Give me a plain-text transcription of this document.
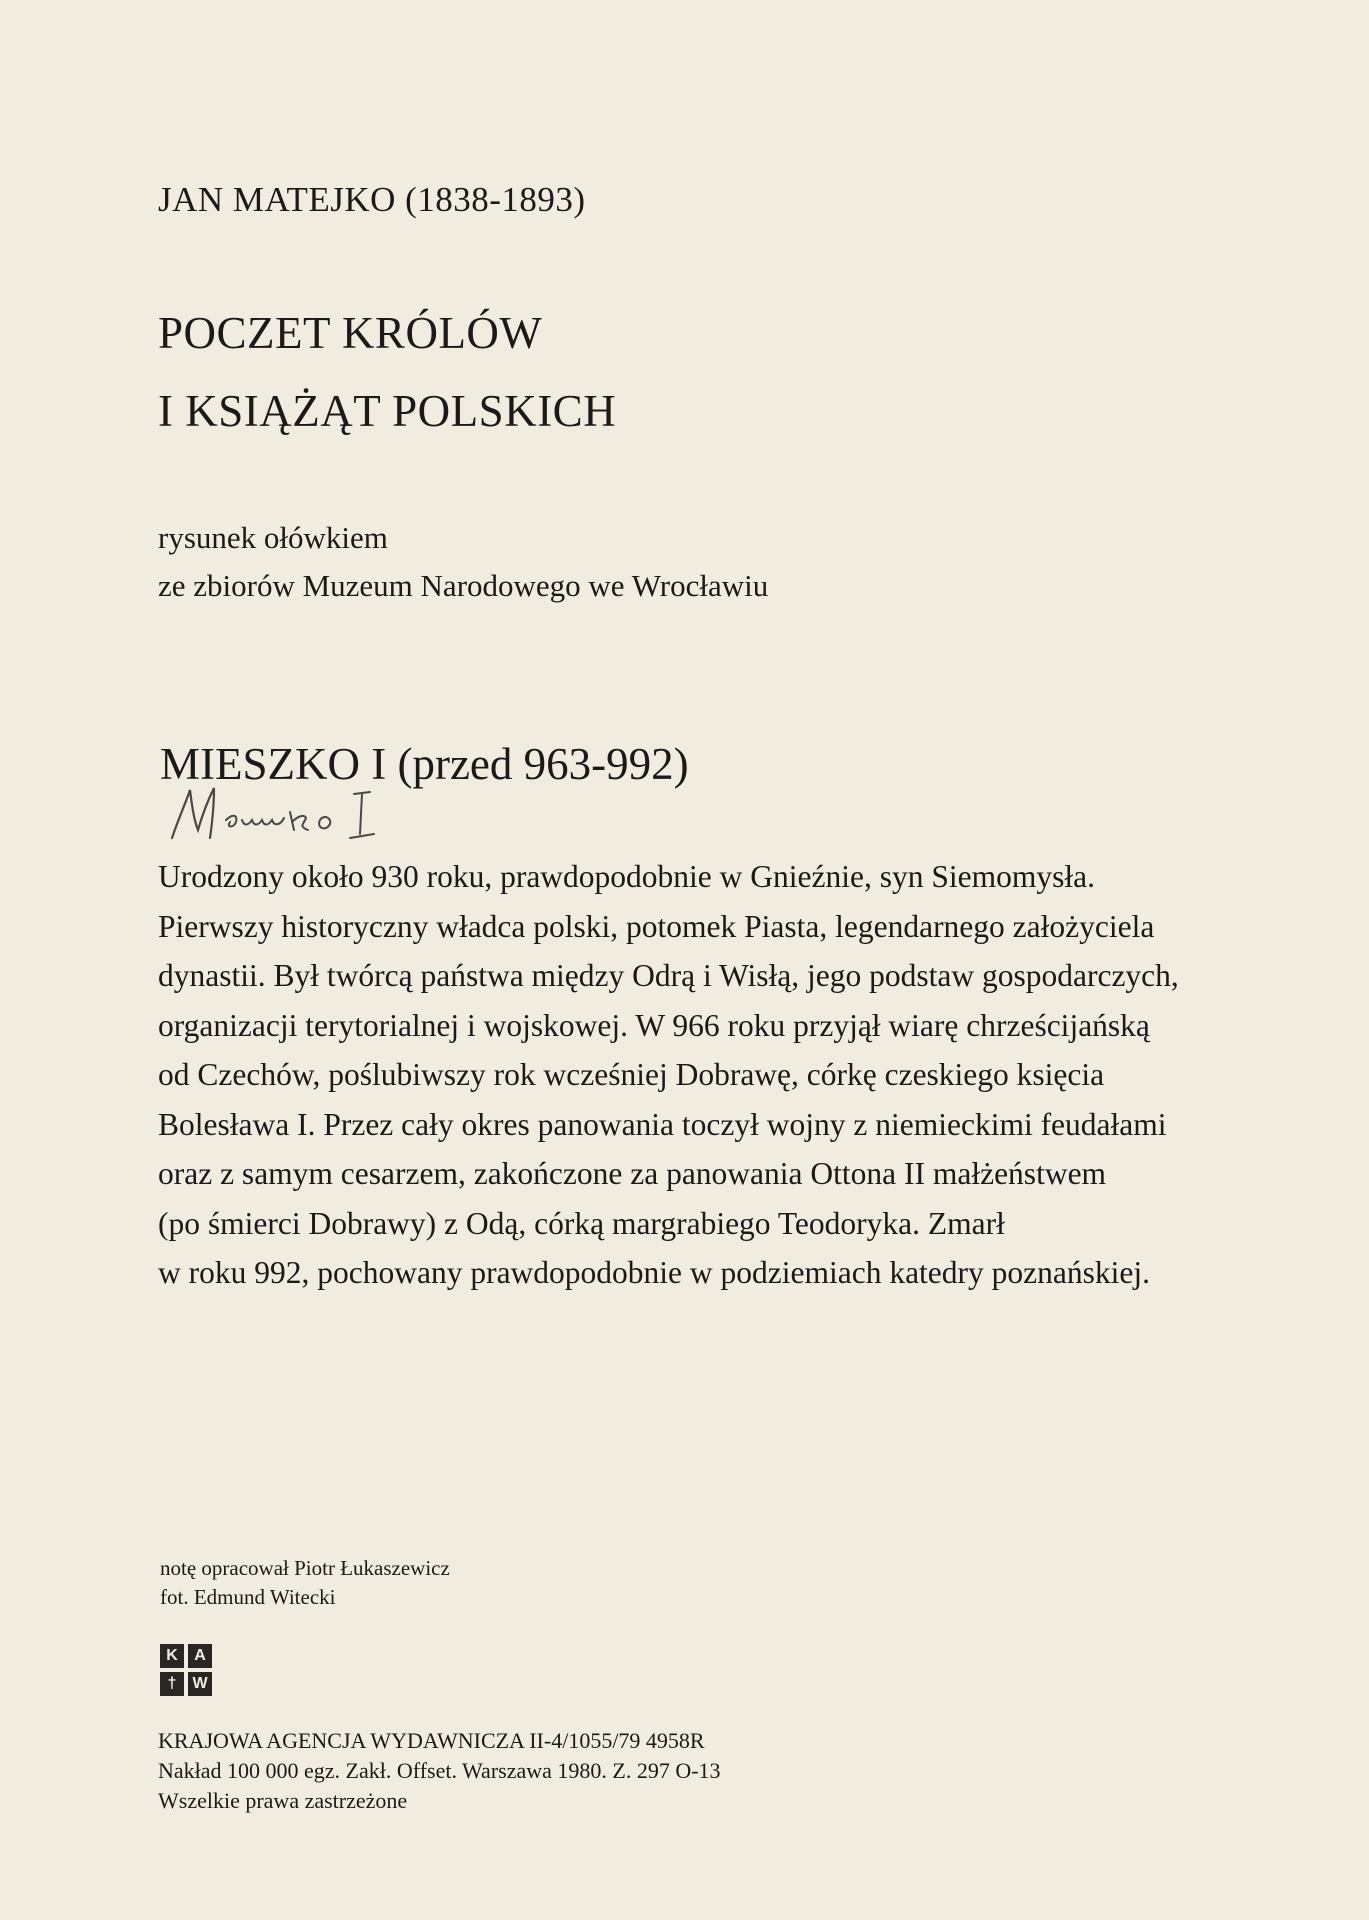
JAN MATEJKO (1838-1893)

POCZET KRÓLÓW

I KSIĄŻĄT POLSKICH

rysunek ołówkiem

ze zbiorów Muzeum Narodowego we Wrocławiu

MIESZKO I (przed 963-992)

Urodzony około 930 roku, prawdopodobnie w Gnieźnie, syn Siemomysła.
Pierwszy historyczny władca polski, potomek Piasta, legendarnego założyciela
dynastii. Był twórcą państwa między Odrą i Wisłą, jego podstaw gospodarczych,
organizacji terytorialnej i wojskowej. W 966 roku przyjął wiarę chrześcijańską
od Czechów, poślubiwszy rok wcześniej Dobrawę, córkę czeskiego księcia
Bolesława I. Przez cały okres panowania toczył wojny z niemieckimi feudałami
oraz z samym cesarzem, zakończone za panowania Ottona II małżeństwem
(po śmierci Dobrawy) z Odą, córką margrabiego Teodoryka. Zmarł
w roku 992, pochowany prawdopodobnie w podziemiach katedry poznańskiej.

notę opracował Piotr Łukaszewicz

fot. Edmund Witecki

K	A
† W

KRAJOWA AGENCJA WYDAWNICZA II-4/1055/79 4958R

Nakład 100 000 egz. Zakł. Offset. Warszawa 1980. Z. 297 O-13

Wszelkie prawa zastrzeżone
